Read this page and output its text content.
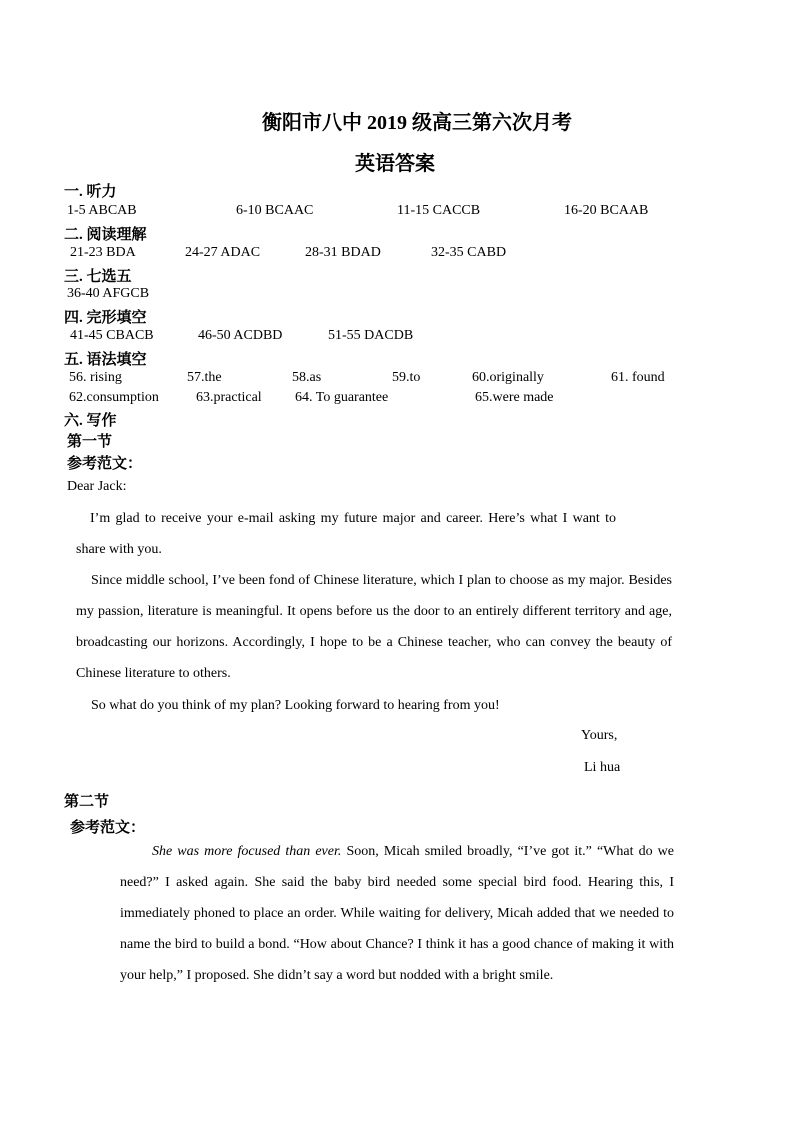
衡阳市八中 2019 级高三第六次月考
英语答案
一. 听力
1-5 ABCAB	6-10 BCAAC	11-15 CACCB	16-20 BCAAB
二. 阅读理解
21-23 BDA	24-27 ADAC	28-31 BDAD	32-35 CABD
三. 七选五
36-40 AFGCB
四. 完形填空
41-45 CBACB	46-50 ACDBD	51-55 DACDB
五. 语法填空
56. rising	57.the	58.as	59.to	60.originally	61. found
62.consumption	63.practical 64. To guarantee	65.were made
六. 写作
第一节
参考范文：
Dear Jack:
I’m glad to receive your e-mail asking my future major and career. Here’s what I want to share with you.
Since middle school, I’ve been fond of Chinese literature, which I plan to choose as my major. Besides my passion, literature is meaningful. It opens before us the door to an entirely different territory and age, broadcasting our horizons. Accordingly, I hope to be a Chinese teacher, who can convey the beauty of Chinese literature to others.
So what do you think of my plan? Looking forward to hearing from you!
Yours,
Li hua
第二节
参考范文：
She was more focused than ever. Soon, Micah smiled broadly, “I’ve got it.” “What do we need?” I asked again. She said the baby bird needed some special bird food. Hearing this, I immediately phoned to place an order. While waiting for delivery, Micah added that we needed to name the bird to build a bond. “How about Chance? I think it has a good chance of making it with your help,” I proposed. She didn’t say a word but nodded with a bright smile.
